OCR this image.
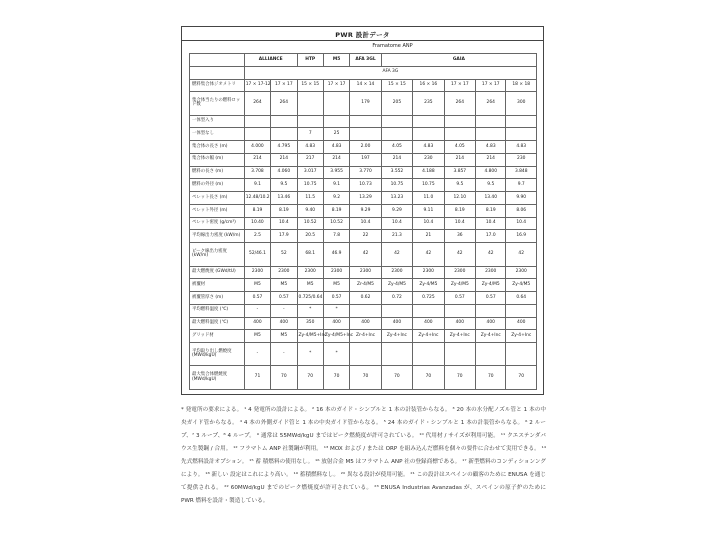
PWR 設計データ
Framatome ANP
	ALLIANCE		HTP	M5	AFA 3GL	GAIA				
	AFA 3G									
燃料集合体ジオメトリ	17 × 17-12	17 × 17	15 × 15	17 × 17	14 × 14	15 × 15	16 × 16	17 × 17	17 × 17	18 × 18
集合体当たりの燃料ロッド数	264	264			179	205	235	264	264	300
一体型入り										
一体型なし			7	25						
集合体の長さ (m)	4.000	4.795	4.83	4.83	2.00	4.05	4.83	4.05	4.83	4.83
集合体の幅 (m)	214	214	217	214	197	214	230	214	214	230
燃料の長さ (m)	3.708	4.060	3.017	3.955	3.770	3.552	4.188	3.857	4.800	3.848
燃料の外径 (m)	9.1	9.5	10.75	9.1	10.73	10.75	10.75	9.5	9.5	9.7
ペレット長さ (m)	12.48/10.2	13.46	11.5	9.2	13.29	13.23	11.0	12.10	13.40	9.90
ペレット外径 (m)	8.19	8.19	9.40	8.19	9.29	9.29	9.11	8.19	8.19	8.06
ペレット密度 (g/cm³)	10.40	10.4	10.52	10.52	10.4	10.4	10.4	10.4	10.4	10.4
平均線出力密度 (kW/m)	2.5	17.9	20.5	7.8	22	21.3	21	36	17.0	16.9
ピーク線出力密度 (kW/m)	52/46.1	52	68.1	46.9	42	42	42	42	42	42
最大燃焼度 (GWd/tU)	2300	2300	2300	2300	2300	2300	2300	2300	2300	2300
被覆材	M5	M5	M5	M5	Zr-4/M5	Zy-4/M5	Zy-4/M5	Zy-4/M5	Zy-4/M5	Zy-4/M5
被覆管厚さ (m)	0.57	0.57	0.725/0.64	0.57	0.62	0.72	0.725	0.57	0.57	0.64
平均燃料温度 (℃)	-	-	*	*						
最大燃料温度 (℃)	400	400	350	400	400	400	400	400	400	400
グリッド材	M5	M5	Zy-4/M5+Inc	Zy-4/M5+Inc	Zr-4+Inc	Zy-4+Inc	Zy-4+Inc	Zy-4+Inc	Zy-4+Inc	Zy-4+Inc
平均取り出し燃焼度 (MWd/kgU)	-	-	*	*						
最大集合体燃焼度 (MWd/kgU)	71	70	70	70	70	70	70	70	70	70

* 発電所の要求による。 ¹ 4 発電所の設計による。 ² 16 本のガイド・シンブルと 1 本の計装管からなる。 ³ 20 本の水分配ノズル管と 1 本の中央ガイド管からなる。 ⁴ 4 本の外側ガイド管と 1 本の中央ガイド管からなる。 ⁵ 24 本のガイド・シンブルと 1 本の計装管からなる。 ⁶ 2 ループ、⁷ 3 ループ、⁸ 4 ループ。 ⁹ 通常は 55MWd/kgU まではピーク燃焼度が許可されている。 ¹⁰ 代用材 / サイズが利用可能。 ¹¹ クエステンダバウス生製鋼 / 合用。 ¹² フラマトム ANP 社製鋼が利用。 ¹³ MOX および / または ORP を組み込んだ燃料を個々の要件に合わせて実用できる。 ¹⁴ 先式燃料設計オプション。 ¹⁵ 蓄 積燃料の使用なし。 ¹⁶ 放射合金 M5 はフラマトム ANP 社の登録商標である。 ¹⁷ 新型燃料のコンディションングにより。 ¹⁸ 新しい 設定はこれにより高い。 ¹⁹ 蓄積燃料なし。 ²⁰ 異なる設計が使用可能。 ²¹ この設計はスペインの顧客のために ENUSA を通じて提供される。 ²² 60MWd/kgU までのピーク燃焼度が許可されている。 ²³ ENUSA Industrias Avanzadas が、スペインの原子炉のために PWR 燃料を設計・製造している。
